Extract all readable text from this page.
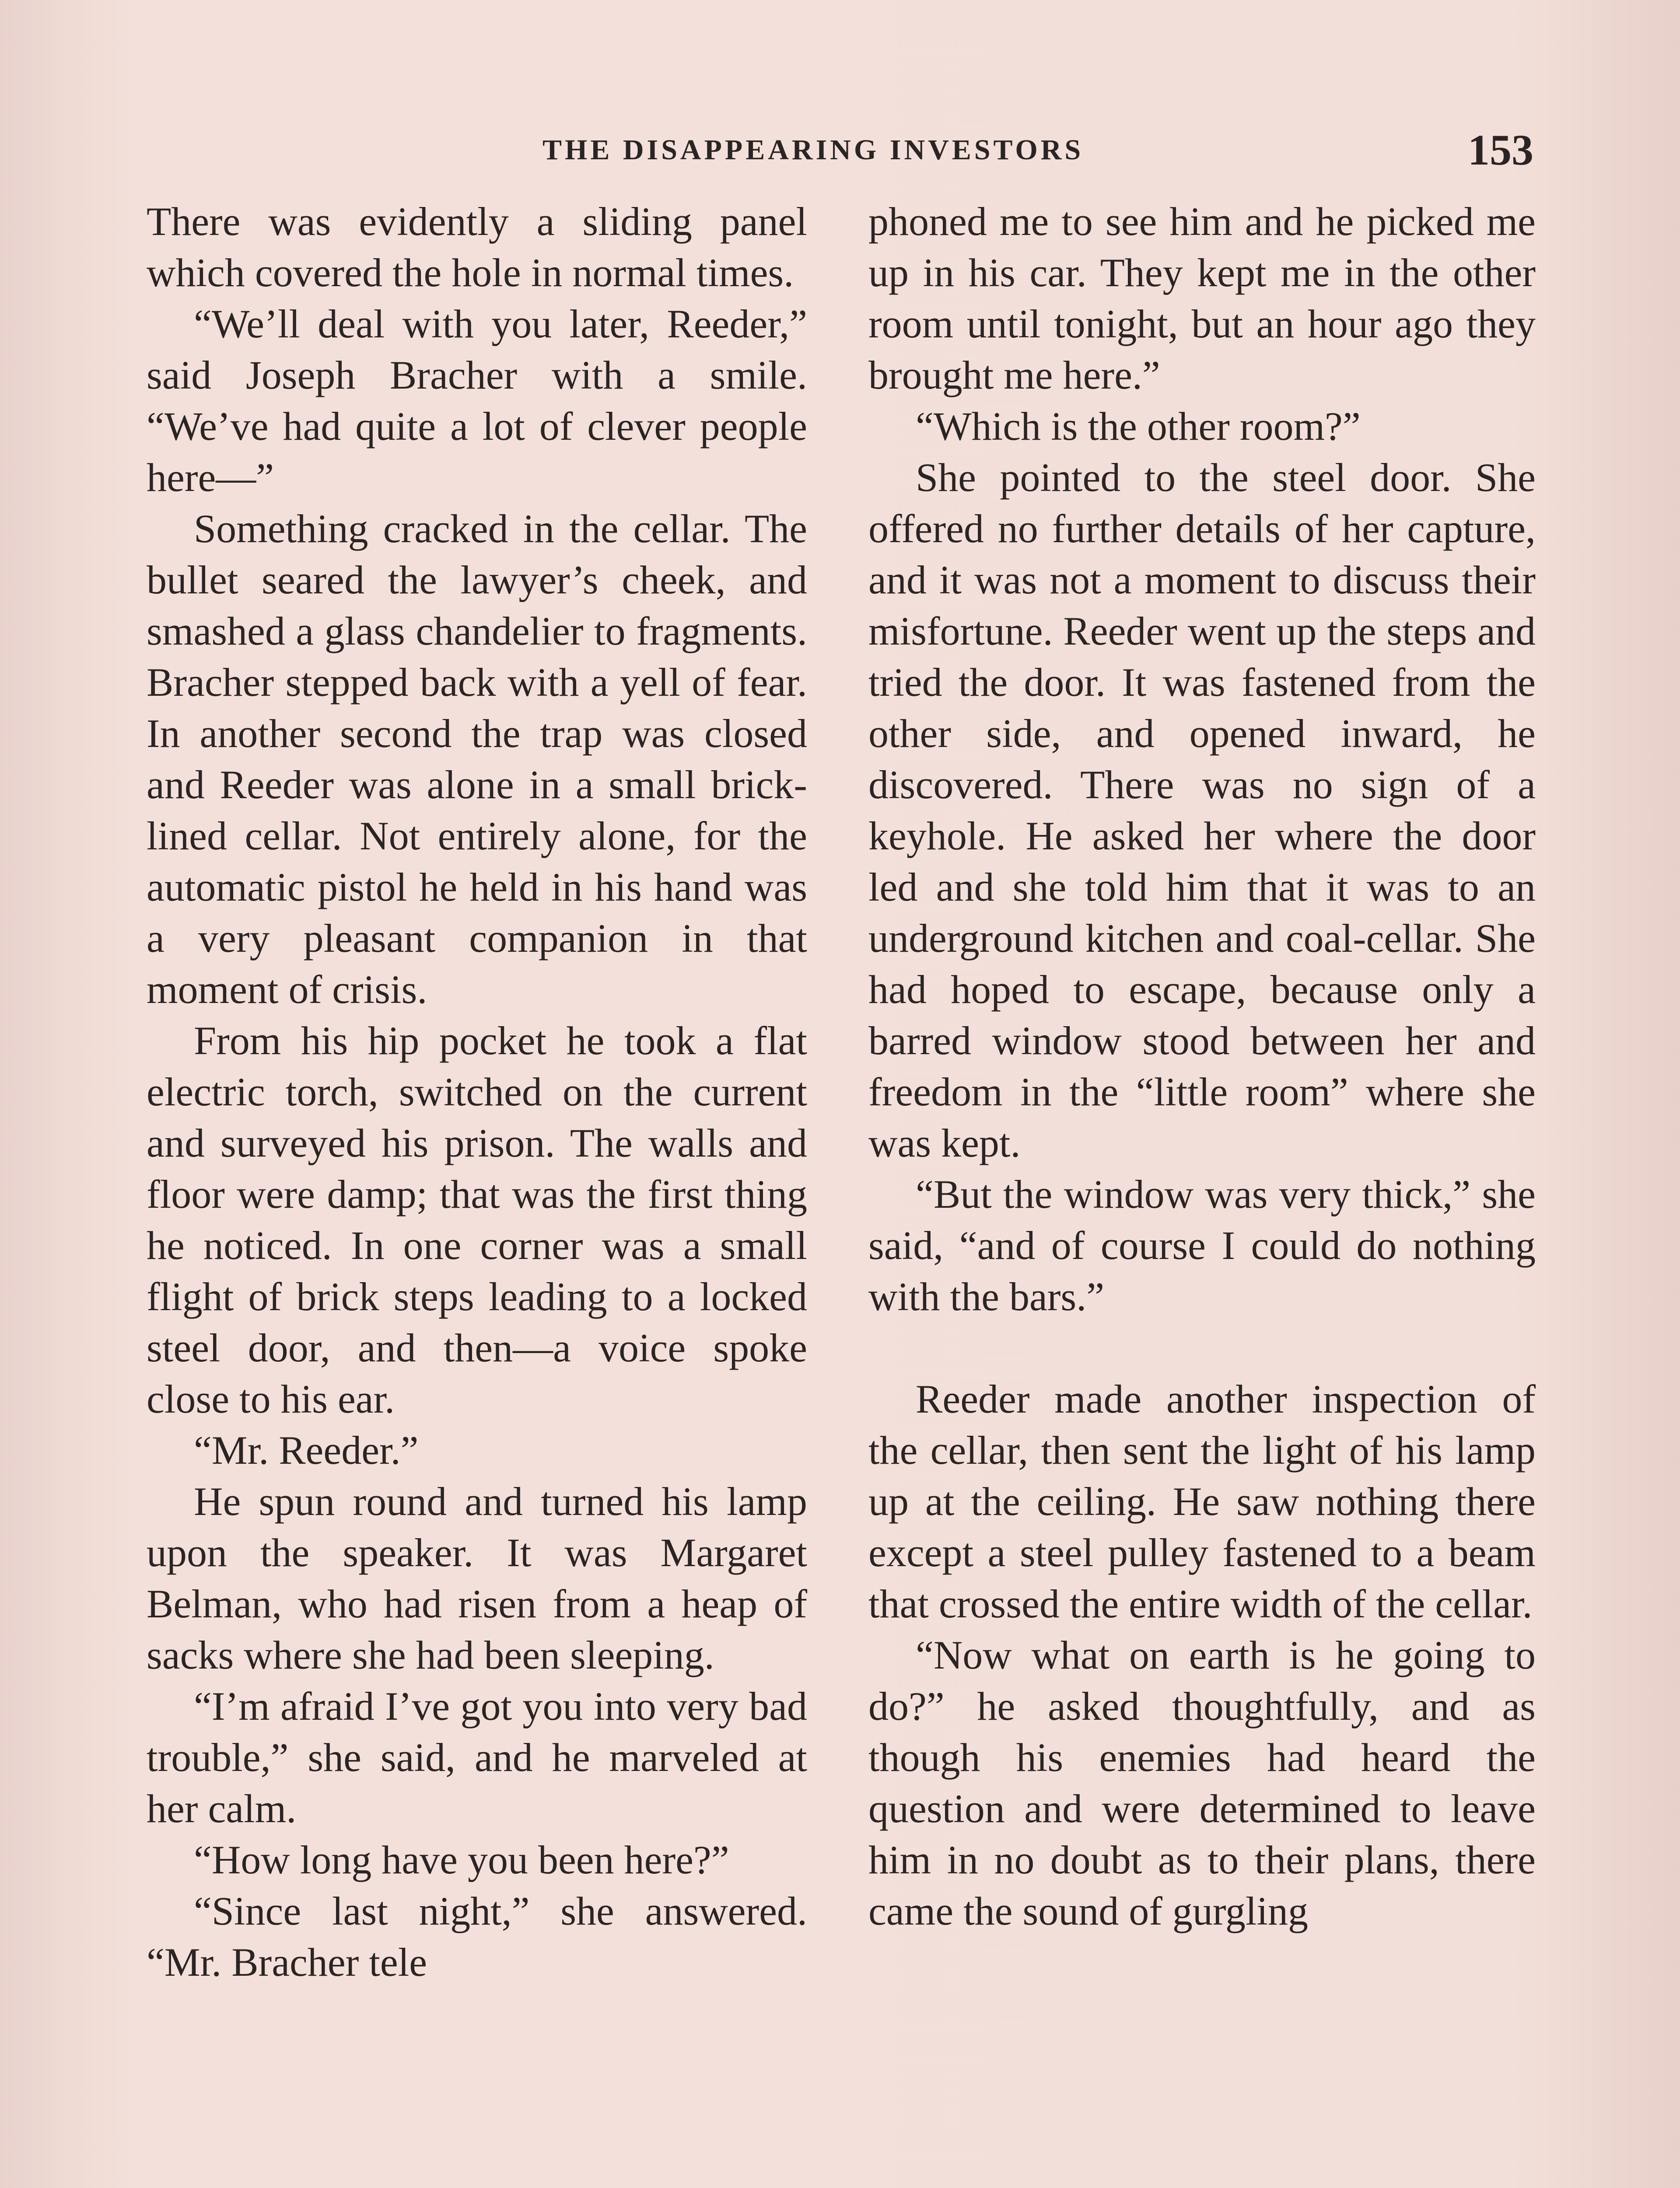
THE DISAPPEARING INVESTORS	153

There was evidently a sliding panel which covered the hole in normal times.

“We’ll deal with you later, Reeder,” said Joseph Bracher with a smile. “We’ve had quite a lot of clever people here—”

Something cracked in the cellar. The bullet seared the lawyer’s cheek, and smashed a glass chandelier to fragments. Bracher stepped back with a yell of fear. In another second the trap was closed and Reeder was alone in a small brick-lined cellar. Not entirely alone, for the automatic pistol he held in his hand was a very pleasant companion in that moment of crisis.

From his hip pocket he took a flat electric torch, switched on the current and surveyed his prison. The walls and floor were damp; that was the first thing he noticed. In one corner was a small flight of brick steps leading to a locked steel door, and then—a voice spoke close to his ear.

“Mr. Reeder.”

He spun round and turned his lamp upon the speaker. It was Margaret Belman, who had risen from a heap of sacks where she had been sleeping.

“I’m afraid I’ve got you into very bad trouble,” she said, and he marveled at her calm.

“How long have you been here?”

“Since last night,” she answered. “Mr. Bracher tele

phoned me to see him and he picked me up in his car. They kept me in the other room until tonight, but an hour ago they brought me here.”

“Which is the other room?”

She pointed to the steel door. She offered no further details of her capture, and it was not a moment to discuss their misfortune. Reeder went up the steps and tried the door. It was fastened from the other side, and opened inward, he discovered. There was no sign of a keyhole. He asked her where the door led and she told him that it was to an underground kitchen and coal-cellar. She had hoped to escape, because only a barred window stood between her and freedom in the “little room” where she was kept.

“But the window was very thick,” she said, “and of course I could do nothing with the bars.”

Reeder made another inspection of the cellar, then sent the light of his lamp up at the ceiling. He saw nothing there except a steel pulley fastened to a beam that crossed the entire width of the cellar.

“Now what on earth is he going to do?” he asked thoughtfully, and as though his enemies had heard the question and were determined to leave him in no doubt as to their plans, there came the sound of gurgling
